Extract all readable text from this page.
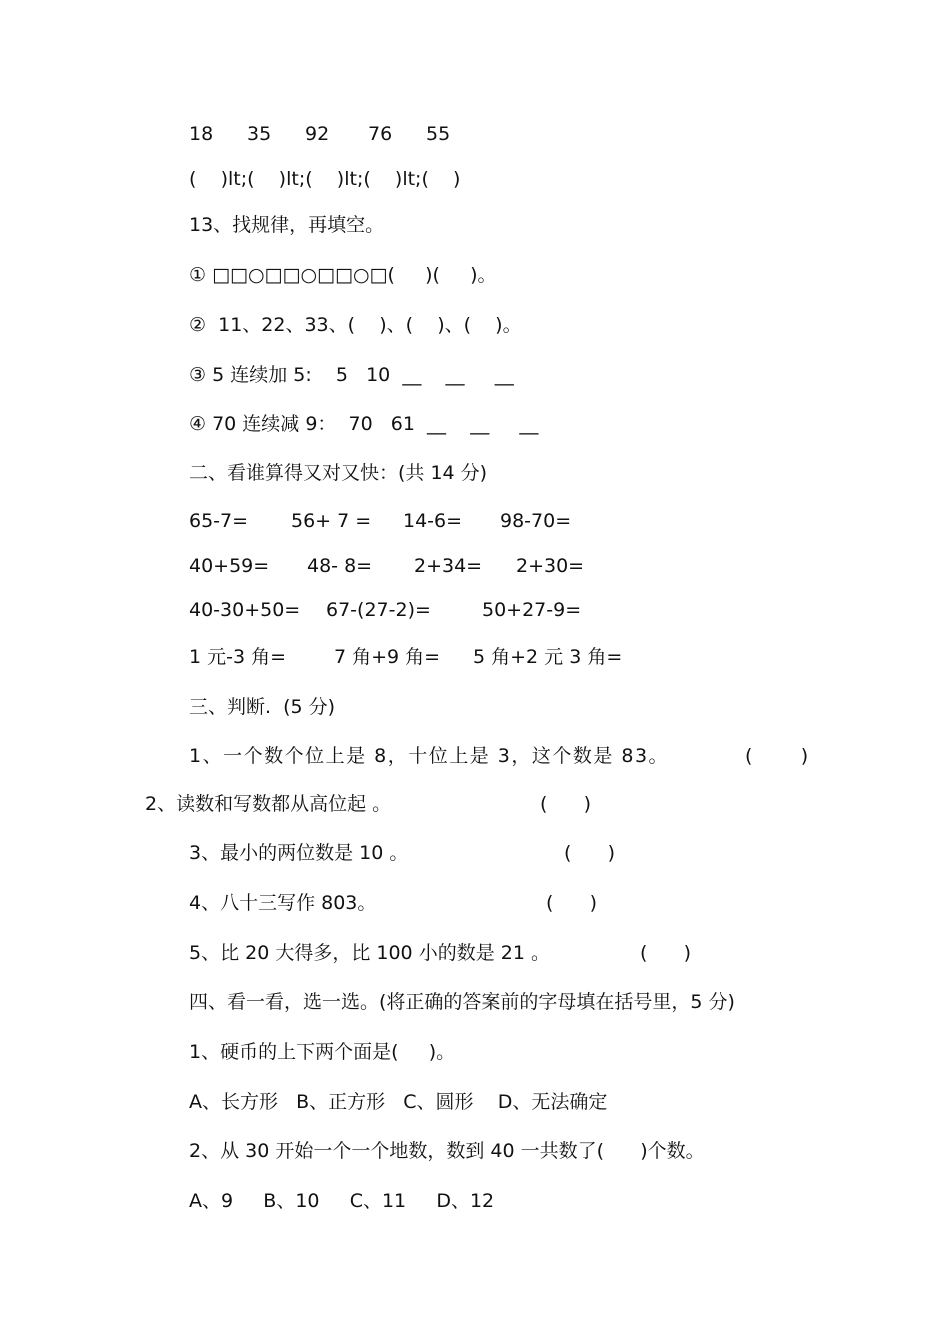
18 35 92 76 55
(    )lt;(    )lt;(    )lt;(    )lt;(    )
13、找规律，再填空。
① □□○□□○□□○□(     )(     )。
②  11、22、33、(    )、(    )、(    )。
③ 5 连续加 5:    5   10  __    __     __
④ 70 连续减 9：  70   61  __    __     __
二、看谁算得又对又快：(共 14 分)
65-7= 56+ 7 = 14-6= 98-70=
40+59= 48- 8= 2+34= 2+30=
40-30+50= 67-(27-2)=	50+27-9=
1 元-3 角=	7 角+9 角= 5 角+2 元 3 角=
三、判断.  (5 分)
1、一个数个位上是 8，十位上是 3，这个数是 83。	(        )
2、读数和写数都从高位起 。	(      )
3、最小的两位数是 10 。	(      )
4、八十三写作 803。	(      )
5、比 20 大得多，比 100 小的数是 21 。	(      )
四、看一看，选一选。(将正确的答案前的字母填在括号里，5 分)
1、硬币的上下两个面是(     )。
A、长方形   B、正方形   C、圆形    D、无法确定
2、从 30 开始一个一个地数，数到 40 一共数了(      )个数。
A、9     B、10     C、11     D、12
